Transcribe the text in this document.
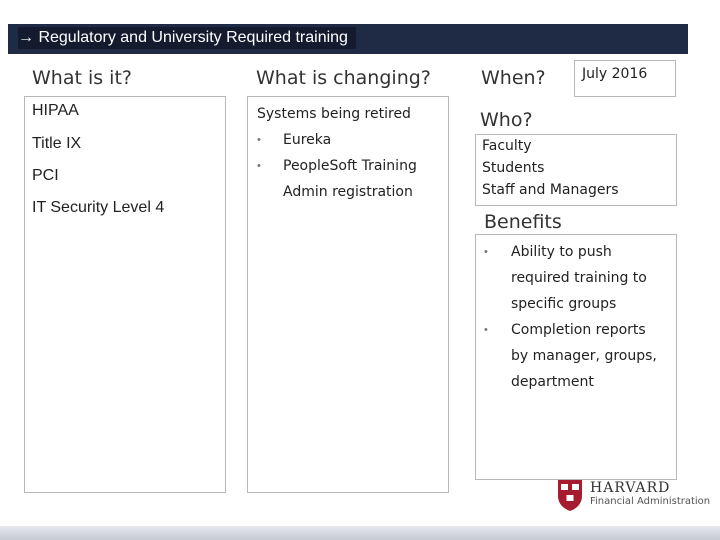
→ Regulatory and University Required training
What is it?
HIPAA
Title IX
PCI
IT Security Level 4
What is changing?
Systems being retired
• Eureka
• PeopleSoft Training
Admin registration
When?	July 2016
Who?
Faculty
Students
Staff and Managers
Benefits
• Ability to push
required training to
specific groups
• Completion reports
by manager, groups,
department
HARVARD
Financial Administration
